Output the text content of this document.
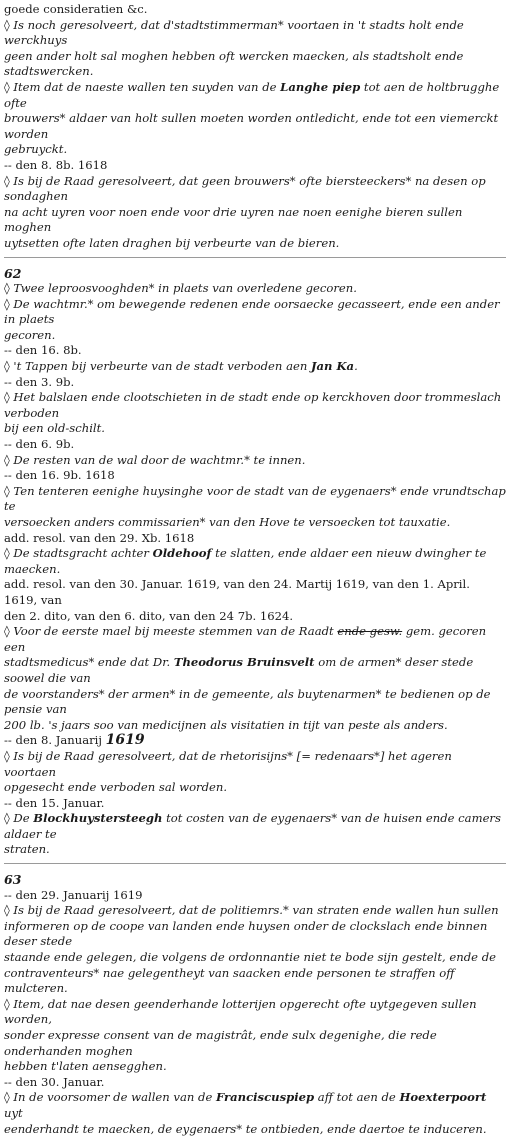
goede consideratien &c.
◊ Is noch geresolveert, dat d'stadtstimmerman* voortaen in 't stadts holt ende werckhuys
geen ander holt sal moghen hebben oft wercken maecken, als stadtsholt ende stadtswercken.
◊ Item dat de naeste wallen ten suyden van de Langhe piep tot aen de holtbrugghe ofte
brouwers* aldaer van holt sullen moeten worden ontledicht, ende tot een viemerckt worden
gebruyckt.
-- den 8. 8b. 1618
◊ Is bij de Raad geresolveert, dat geen brouwers* ofte biersteeckers* na desen op sondaghen
na acht uyren voor noen ende voor drie uyren nae noen eenighe bieren sullen moghen
uytsetten ofte laten draghen bij verbeurte van de bieren.
62
◊ Twee leproosvooghden* in plaets van overledene gecoren.
◊ De wachtmr.* om bewegende redenen ende oorsaecke gecasseert, ende een ander in plaets
gecoren.
-- den 16. 8b.
◊ 't Tappen bij verbeurte van de stadt verboden aen Jan Ka.
-- den 3. 9b.
◊ Het balslaen ende clootschieten in de stadt ende op kerckhoven door trommeslach verboden
bij een old-schilt.
-- den 6. 9b.
◊ De resten van de wal door de wachtmr.* te innen.
-- den 16. 9b. 1618
◊ Ten tenteren eenighe huysinghe voor de stadt van de eygenaers* ende vrundtschap te
versoecken anders commissarien* van den Hove te versoecken tot tauxatie.
add. resol. van den 29. Xb. 1618
◊ De stadtsgracht achter Oldehoof te slatten, ende aldaer een nieuw dwingher te maecken.
add. resol. van den 30. Januar. 1619, van den 24. Martij 1619, van den 1. April. 1619, van
den 2. dito, van den 6. dito, van den 24 7b. 1624.
◊ Voor de eerste mael bij meeste stemmen van de Raadt ende gesw. gem. gecoren een
stadtsmedicus* ende dat Dr. Theodorus Bruinsvelt om de armen* deser stede soowel die van
de voorstanders* der armen* in de gemeente, als buytenarmen* te bedienen op de pensie van
200 lb. 's jaars soo van medicijnen als visitatien in tijt van peste als anders.
-- den 8. Januarij 1619
◊ Is bij de Raad geresolveert, dat de rhetorisijns* [= redenaars*] het ageren voortaen
opgesecht ende verboden sal worden.
-- den 15. Januar.
◊ De Blockhuystersteegh tot costen van de eygenaers* van de huisen ende camers aldaer te
straten.
63
-- den 29. Januarij 1619
◊ Is bij de Raad geresolveert, dat de politiemrs.* van straten ende wallen hun sullen
informeren op de coope van landen ende huysen onder de clockslach ende binnen deser stede
staande ende gelegen, die volgens de ordonnantie niet te bode sijn gestelt, ende de
contraventeurs* nae gelegentheyt van saacken ende personen te straffen off mulcteren.
◊ Item, dat nae desen geenderhande lotterijen opgerecht ofte uytgegeven sullen worden,
sonder expresse consent van de magistrât, ende sulx degenighe, die rede onderhanden moghen
hebben t'laten aensegghen.
-- den 30. Januar.
◊ In de voorsomer de wallen van de Franciscuspiep aff tot aen de Hoexterpoort uyt
eenderhandt te maecken, de eygenaers* te ontbieden, ende daertoe te induceren.
